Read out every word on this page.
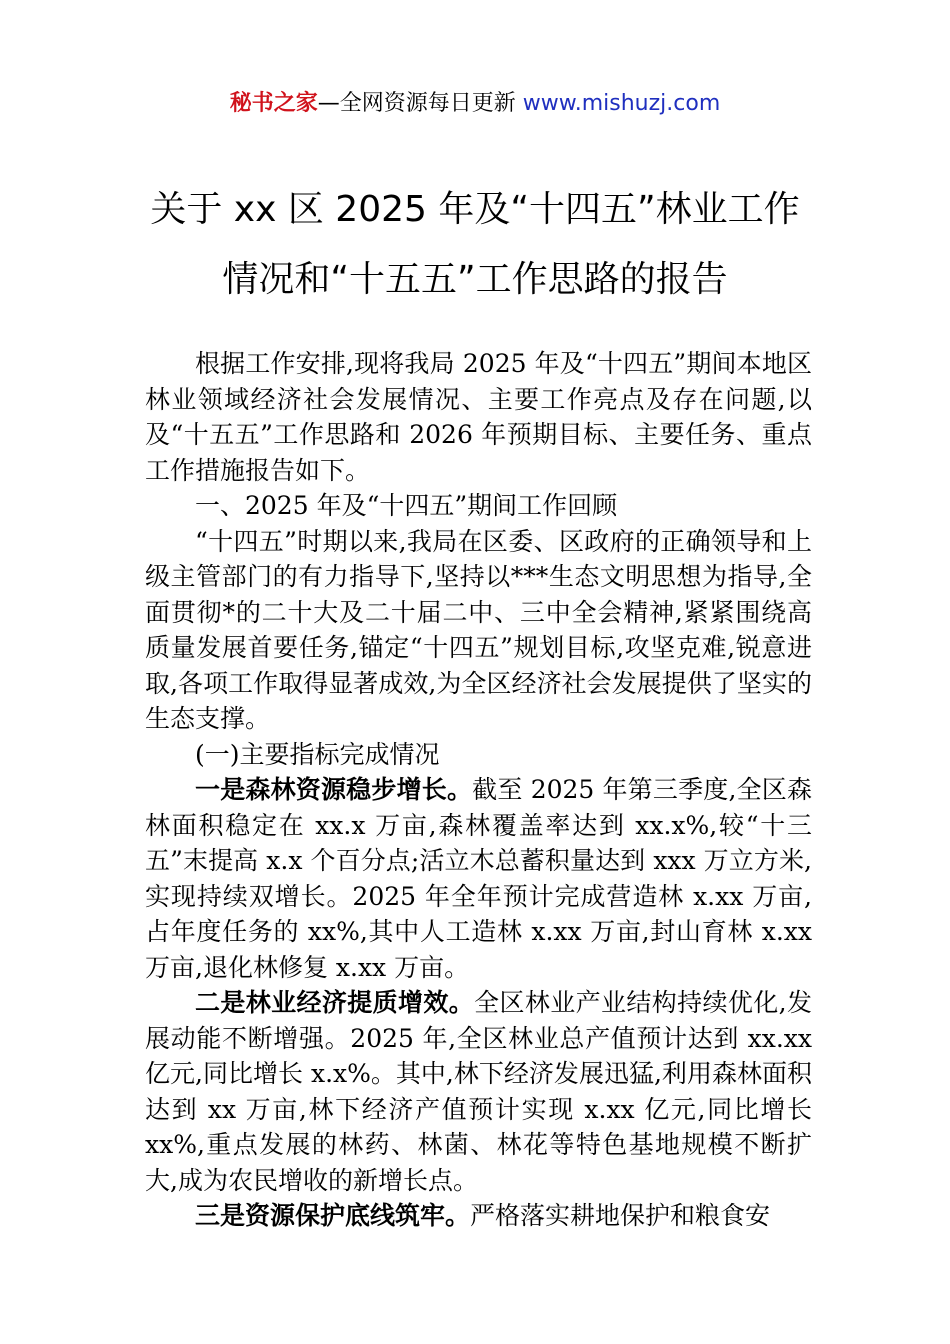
秘书之家—全网资源每日更新 www.mishuzj.com
关于 xx 区 2025 年及“十四五”林业工作
情况和“十五五”工作思路的报告

根据工作安排,现将我局 2025 年及“十四五”期间本地区林业领域经济社会发展情况、主要工作亮点及存在问题,以及“十五五”工作思路和 2026 年预期目标、主要任务、重点工作措施报告如下。

一、2025 年及“十四五”期间工作回顾

“十四五”时期以来,我局在区委、区政府的正确领导和上级主管部门的有力指导下,坚持以***生态文明思想为指导,全面贯彻*的二十大及二十届二中、三中全会精神,紧紧围绕高质量发展首要任务,锚定“十四五”规划目标,攻坚克难,锐意进取,各项工作取得显著成效,为全区经济社会发展提供了坚实的生态支撑。

(一)主要指标完成情况

一是森林资源稳步增长。截至 2025 年第三季度,全区森林面积稳定在 xx.x 万亩,森林覆盖率达到 xx.x%,较“十三五”末提高 x.x 个百分点;活立木总蓄积量达到 xxx 万立方米,实现持续双增长。2025 年全年预计完成营造林 x.xx 万亩,占年度任务的 xx%,其中人工造林 x.xx 万亩,封山育林 x.xx 万亩,退化林修复 x.xx 万亩。

二是林业经济提质增效。全区林业产业结构持续优化,发展动能不断增强。2025 年,全区林业总产值预计达到 xx.xx 亿元,同比增长 x.x%。其中,林下经济发展迅猛,利用森林面积达到 xx 万亩,林下经济产值预计实现 x.xx 亿元,同比增长 xx%,重点发展的林药、林菌、林花等特色基地规模不断扩大,成为农民增收的新增长点。

三是资源保护底线筑牢。严格落实耕地保护和粮食安
